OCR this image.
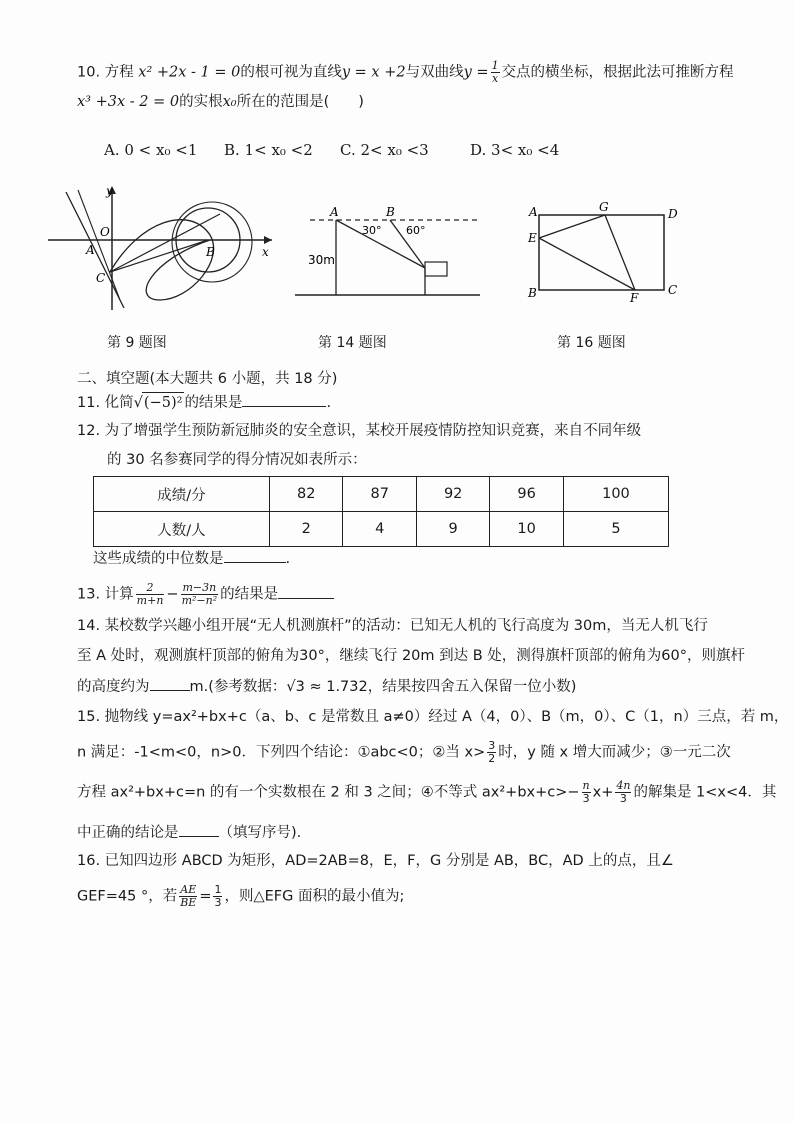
10. 方程 x² +2x - 1 = 0的根可视为直线y = x +2与双曲线$y = \frac{1}{x}$ 交点的横坐标，根据此法可推断方程
x³ +3x - 2 = 0的实根x₀所在的范围是(　　)
A. 0 < x₀ <1 B. 1< x₀ <2 C. 2< x₀ <3	D. 3< x₀ <4
y
x
A
O
B
C
第 9 题图
A	B
30° 60°
30m
第 14 题图
A	G	D
E
B	F
C
第 16 题图
二、填空题(本大题共 6 小题，共 18 分)
11. 化简√(−5)² 的结果是	.
12. 为了增强学生预防新冠肺炎的安全意识，某校开展疫情防控知识竞赛，来自不同年级
的 30 名参赛同学的得分情况如表所示：
成绩/分	82	87	92	96	100
人数/人	2	4	9	10	5
这些成绩的中位数是	.
13. 计算 $\frac{2}{m+n} - \frac{m-3n}{\text{m²−n²}}$ 的结果是
14. 某校数学兴趣小组开展“无人机测旗杆”的活动：已知无人机的飞行高度为 30m，当无人机飞行
至 A 处时，观测旗杆顶部的俯角为30°，继续飞行 20m 到达 B 处，测得旗杆顶部的俯角为60°，则旗杆
的高度约为	m.(参考数据：√3 ≈ 1.732，结果按四舍五入保留一位小数)
15. 抛物线 y=ax²+bx+c（a、b、c 是常数且 a≠0）经过 A（4，0）、B（m，0）、C（1，n）三点，若 m，
n 满足：-1<m<0，n>0．下列四个结论：①abc<0；②当 $x> \frac{3}{2}$ 时，y 随 x 增大而减少；③一元二次
方程 ax²+bx+c=n 的有一个实数根在 2 和 3 之间；④不等式 $ax^2+bx+c>- \frac{n}{3} x+ \frac{4n}{3}$ 的解集是 1<x<4．其
中正确的结论是	（填写序号).
16. 已知四边形 ABCD 为矩形，AD=2AB=8，E，F，G 分别是 AB，BC，AD 上的点，且∠
GEF=45 °，若 $\frac{AE}{BE} = \frac{1}{3}$ ，则△EFG 面积的最小值为;
